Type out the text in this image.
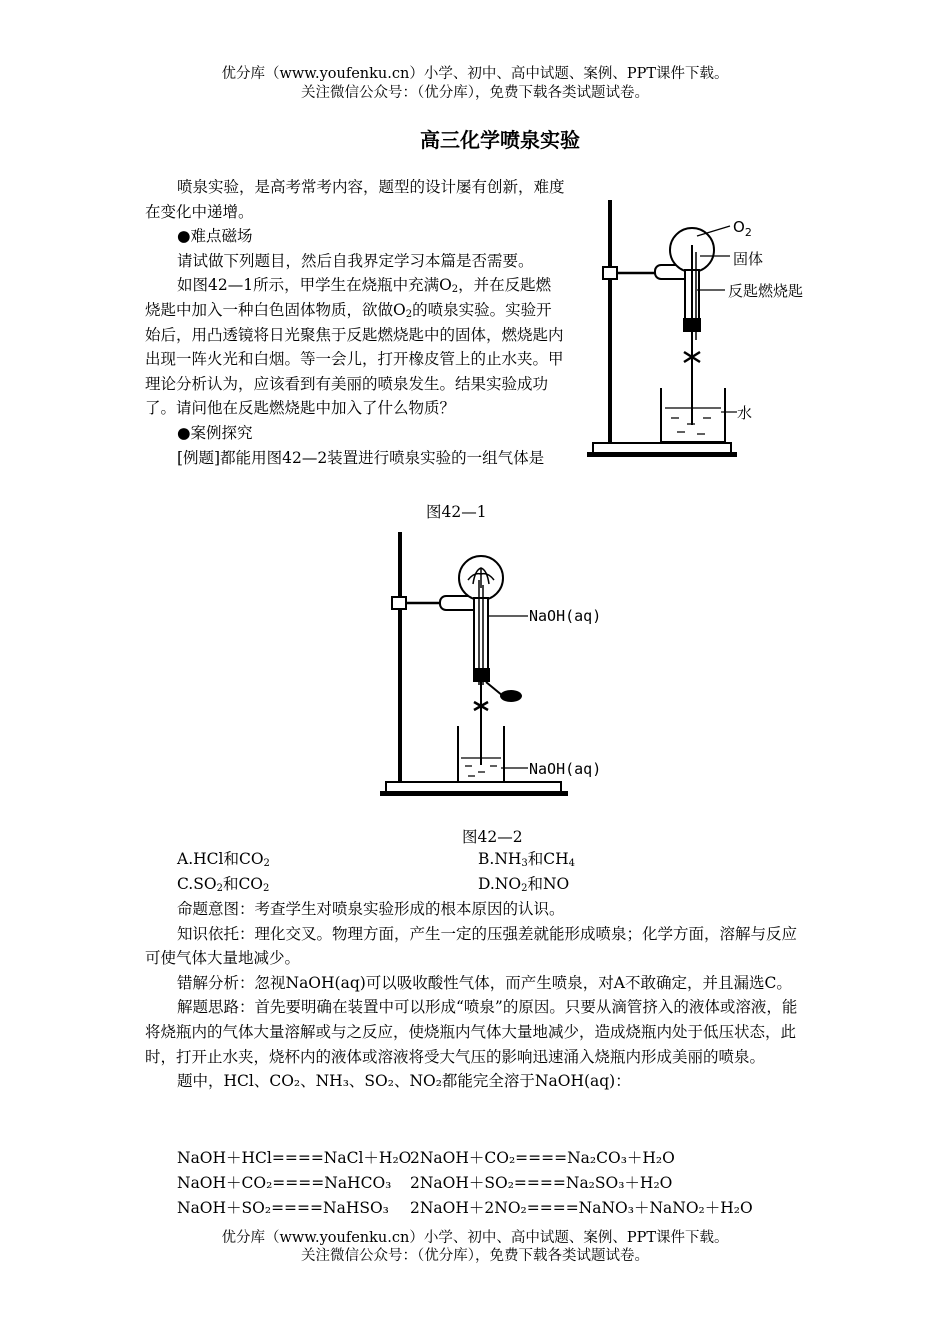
优分库（www.youfenku.cn）小学、初中、高中试题、案例、PPT课件下载。
关注微信公众号：（优分库），免费下载各类试题试卷。
高三化学喷泉实验

喷泉实验，是高考常考内容，题型的设计屡有创新，难度在变化中递增。

●难点磁场

请试做下列题目，然后自我界定学习本篇是否需要。

如图42—1所示，甲学生在烧瓶中充满$O_2$，并在反匙燃烧匙中加入一种白色固体物质，欲做$O_2$的喷泉实验。实验开始后，用凸透镜将日光聚焦于反匙燃烧匙中的固体，燃烧匙内出现一阵火光和白烟。等一会儿，打开橡皮管上的止水夹。甲理论分析认为，应该看到有美丽的喷泉发生。结果实验成功了。请问他在反匙燃烧匙中加入了什么物质？

●案例探究

[例题]都能用图42—2装置进行喷泉实验的一组气体是

$O_2$
固体
反匙燃烧匙
水
图42—1
NaOH(aq)
NaOH(aq)
图42—2
A.HCl和$CO_2$	$B.NH_3$和$CH_4$
$C.SO_2$和$CO_2$	$D.NO_2$和NO

命题意图：考查学生对喷泉实验形成的根本原因的认识。

知识依托：理化交叉。物理方面，产生一定的压强差就能形成喷泉；化学方面，溶解与反应可使气体大量地减少。

错解分析：忽视NaOH(aq)可以吸收酸性气体，而产生喷泉，对A不敢确定，并且漏选C。

解题思路：首先要明确在装置中可以形成“喷泉”的原因。只要从滴管挤入的液体或溶液，能将烧瓶内的气体大量溶解或与之反应，使烧瓶内气体大量地减少，造成烧瓶内处于低压状态，此时，打开止水夹，烧杯内的液体或溶液将受大气压的影响迅速涌入烧瓶内形成美丽的喷泉。

题中，HCl、CO₂、NH₃、SO₂、NO₂都能完全溶于NaOH(aq)：

NaOH＋HCl====NaCl＋H₂O
2NaOH＋CO₂====Na₂CO₃＋H₂O
NaOH＋CO₂====NaHCO₃ 2NaOH＋SO₂====Na₂SO₃＋H₂O
NaOH＋SO₂====NaHSO₃ 2NaOH＋2NO₂====NaNO₃＋NaNO₂＋H₂O
优分库（www.youfenku.cn）小学、初中、高中试题、案例、PPT课件下载。
关注微信公众号：（优分库），免费下载各类试题试卷。
